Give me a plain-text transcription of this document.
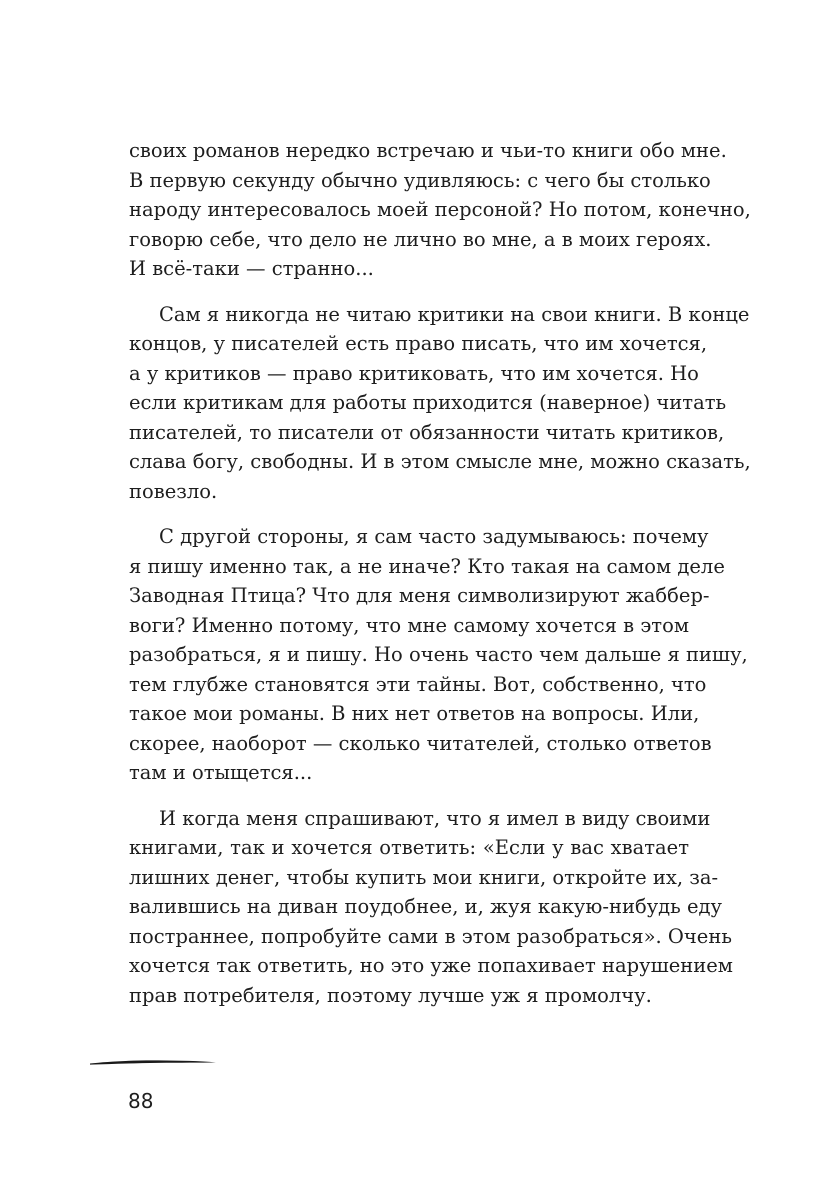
своих романов нередко встречаю и чьи-то книги обо мне.
В первую секунду обычно удивляюсь: с чего бы столько
народу интересовалось моей персоной? Но потом, конечно,
говорю себе, что дело не лично во мне, а в моих героях.
И всё-таки — странно...
Сам я никогда не читаю критики на свои книги. В конце
концов, у писателей есть право писать, что им хочется,
а у критиков — право критиковать, что им хочется. Но
если критикам для работы приходится (наверное) читать
писателей, то писатели от обязанности читать критиков,
слава богу, свободны. И в этом смысле мне, можно сказать,
повезло.
С другой стороны, я сам часто задумываюсь: почему
я пишу именно так, а не иначе? Кто такая на самом деле
Заводная Птица? Что для меня символизируют жаббер-
воги? Именно потому, что мне самому хочется в этом
разобраться, я и пишу. Но очень часто чем дальше я пишу,
тем глубже становятся эти тайны. Вот, собственно, что
такое мои романы. В них нет ответов на вопросы. Или,
скорее, наоборот — сколько читателей, столько ответов
там и отыщется...
И когда меня спрашивают, что я имел в виду своими
книгами, так и хочется ответить: «Если у вас хватает
лишних денег, чтобы купить мои книги, откройте их, за-
валившись на диван поудобнее, и, жуя какую-нибудь еду
постраннее, попробуйте сами в этом разобраться». Очень
хочется так ответить, но это уже попахивает нарушением
прав потребителя, поэтому лучше уж я промолчу.
88
